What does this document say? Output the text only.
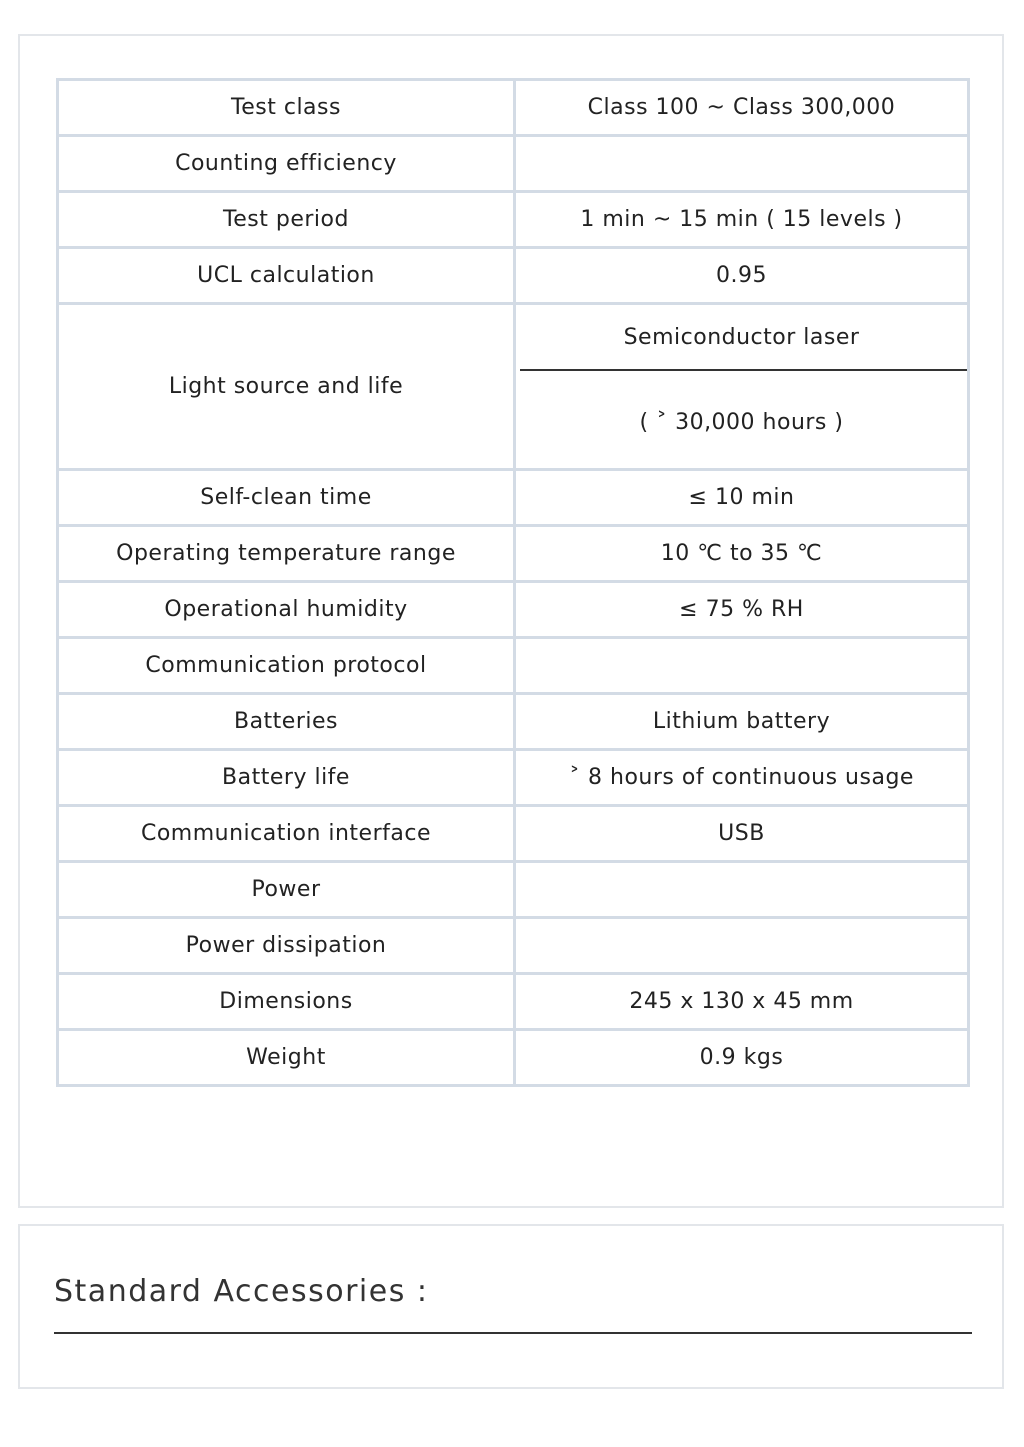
Test class	Class 100 ~ Class 300,000
Counting efficiency	
Test period	1 min ~ 15 min ( 15 levels )
UCL calculation	0.95
Light source and life	Semiconductor laser
( ˃ 30,000 hours )

Self-clean time	≤ 10 min
Operating temperature range	10 ℃ to 35 ℃
Operational humidity	≤ 75 % RH
Communication protocol	
Batteries	Lithium battery
Battery life	˃ 8 hours of continuous usage
Communication interface	USB
Power	
Power dissipation	
Dimensions	245 x 130 x 45 mm
Weight	0.9 kgs
Standard Accessories :
